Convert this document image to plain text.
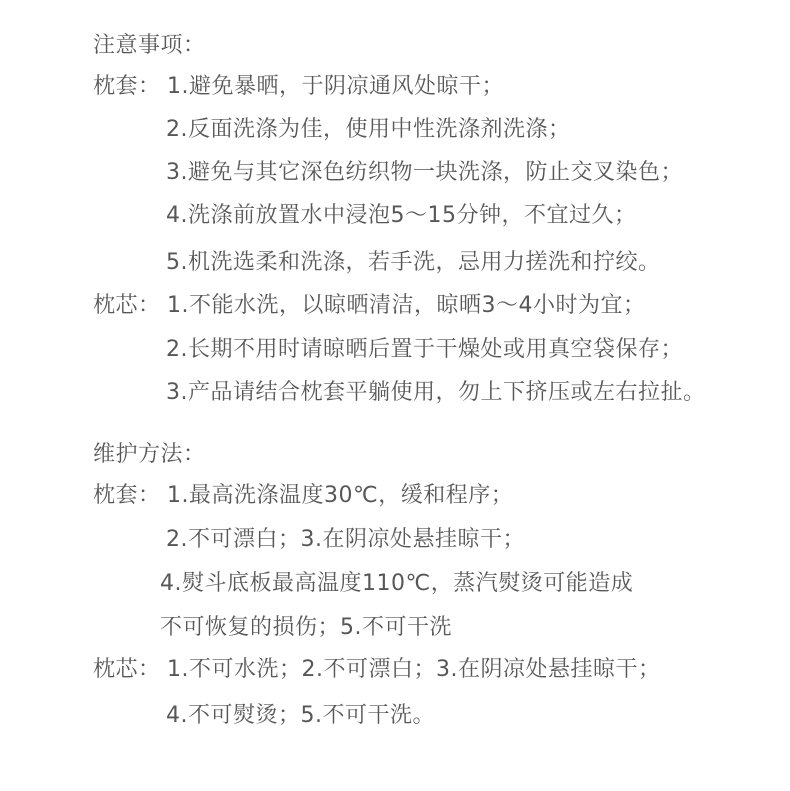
注意事项：
枕套： 1.避免暴晒，于阴凉通风处晾干；
2.反面洗涤为佳，使用中性洗涤剂洗涤；
3.避免与其它深色纺织物一块洗涤，防止交叉染色；
4.洗涤前放置水中浸泡5～15分钟，不宜过久；
5.机洗选柔和洗涤，若手洗，忌用力搓洗和拧绞。
枕芯： 1.不能水洗，以晾晒清洁，晾晒3～4小时为宜；
2.长期不用时请晾晒后置于干燥处或用真空袋保存；
3.产品请结合枕套平躺使用，勿上下挤压或左右拉扯。
维护方法：
枕套： 1.最高洗涤温度30℃，缓和程序；
2.不可漂白；3.在阴凉处悬挂晾干；
4.熨斗底板最高温度110℃，蒸汽熨烫可能造成
不可恢复的损伤；5.不可干洗
枕芯： 1.不可水洗；2.不可漂白；3.在阴凉处悬挂晾干；
4.不可熨烫；5.不可干洗。
